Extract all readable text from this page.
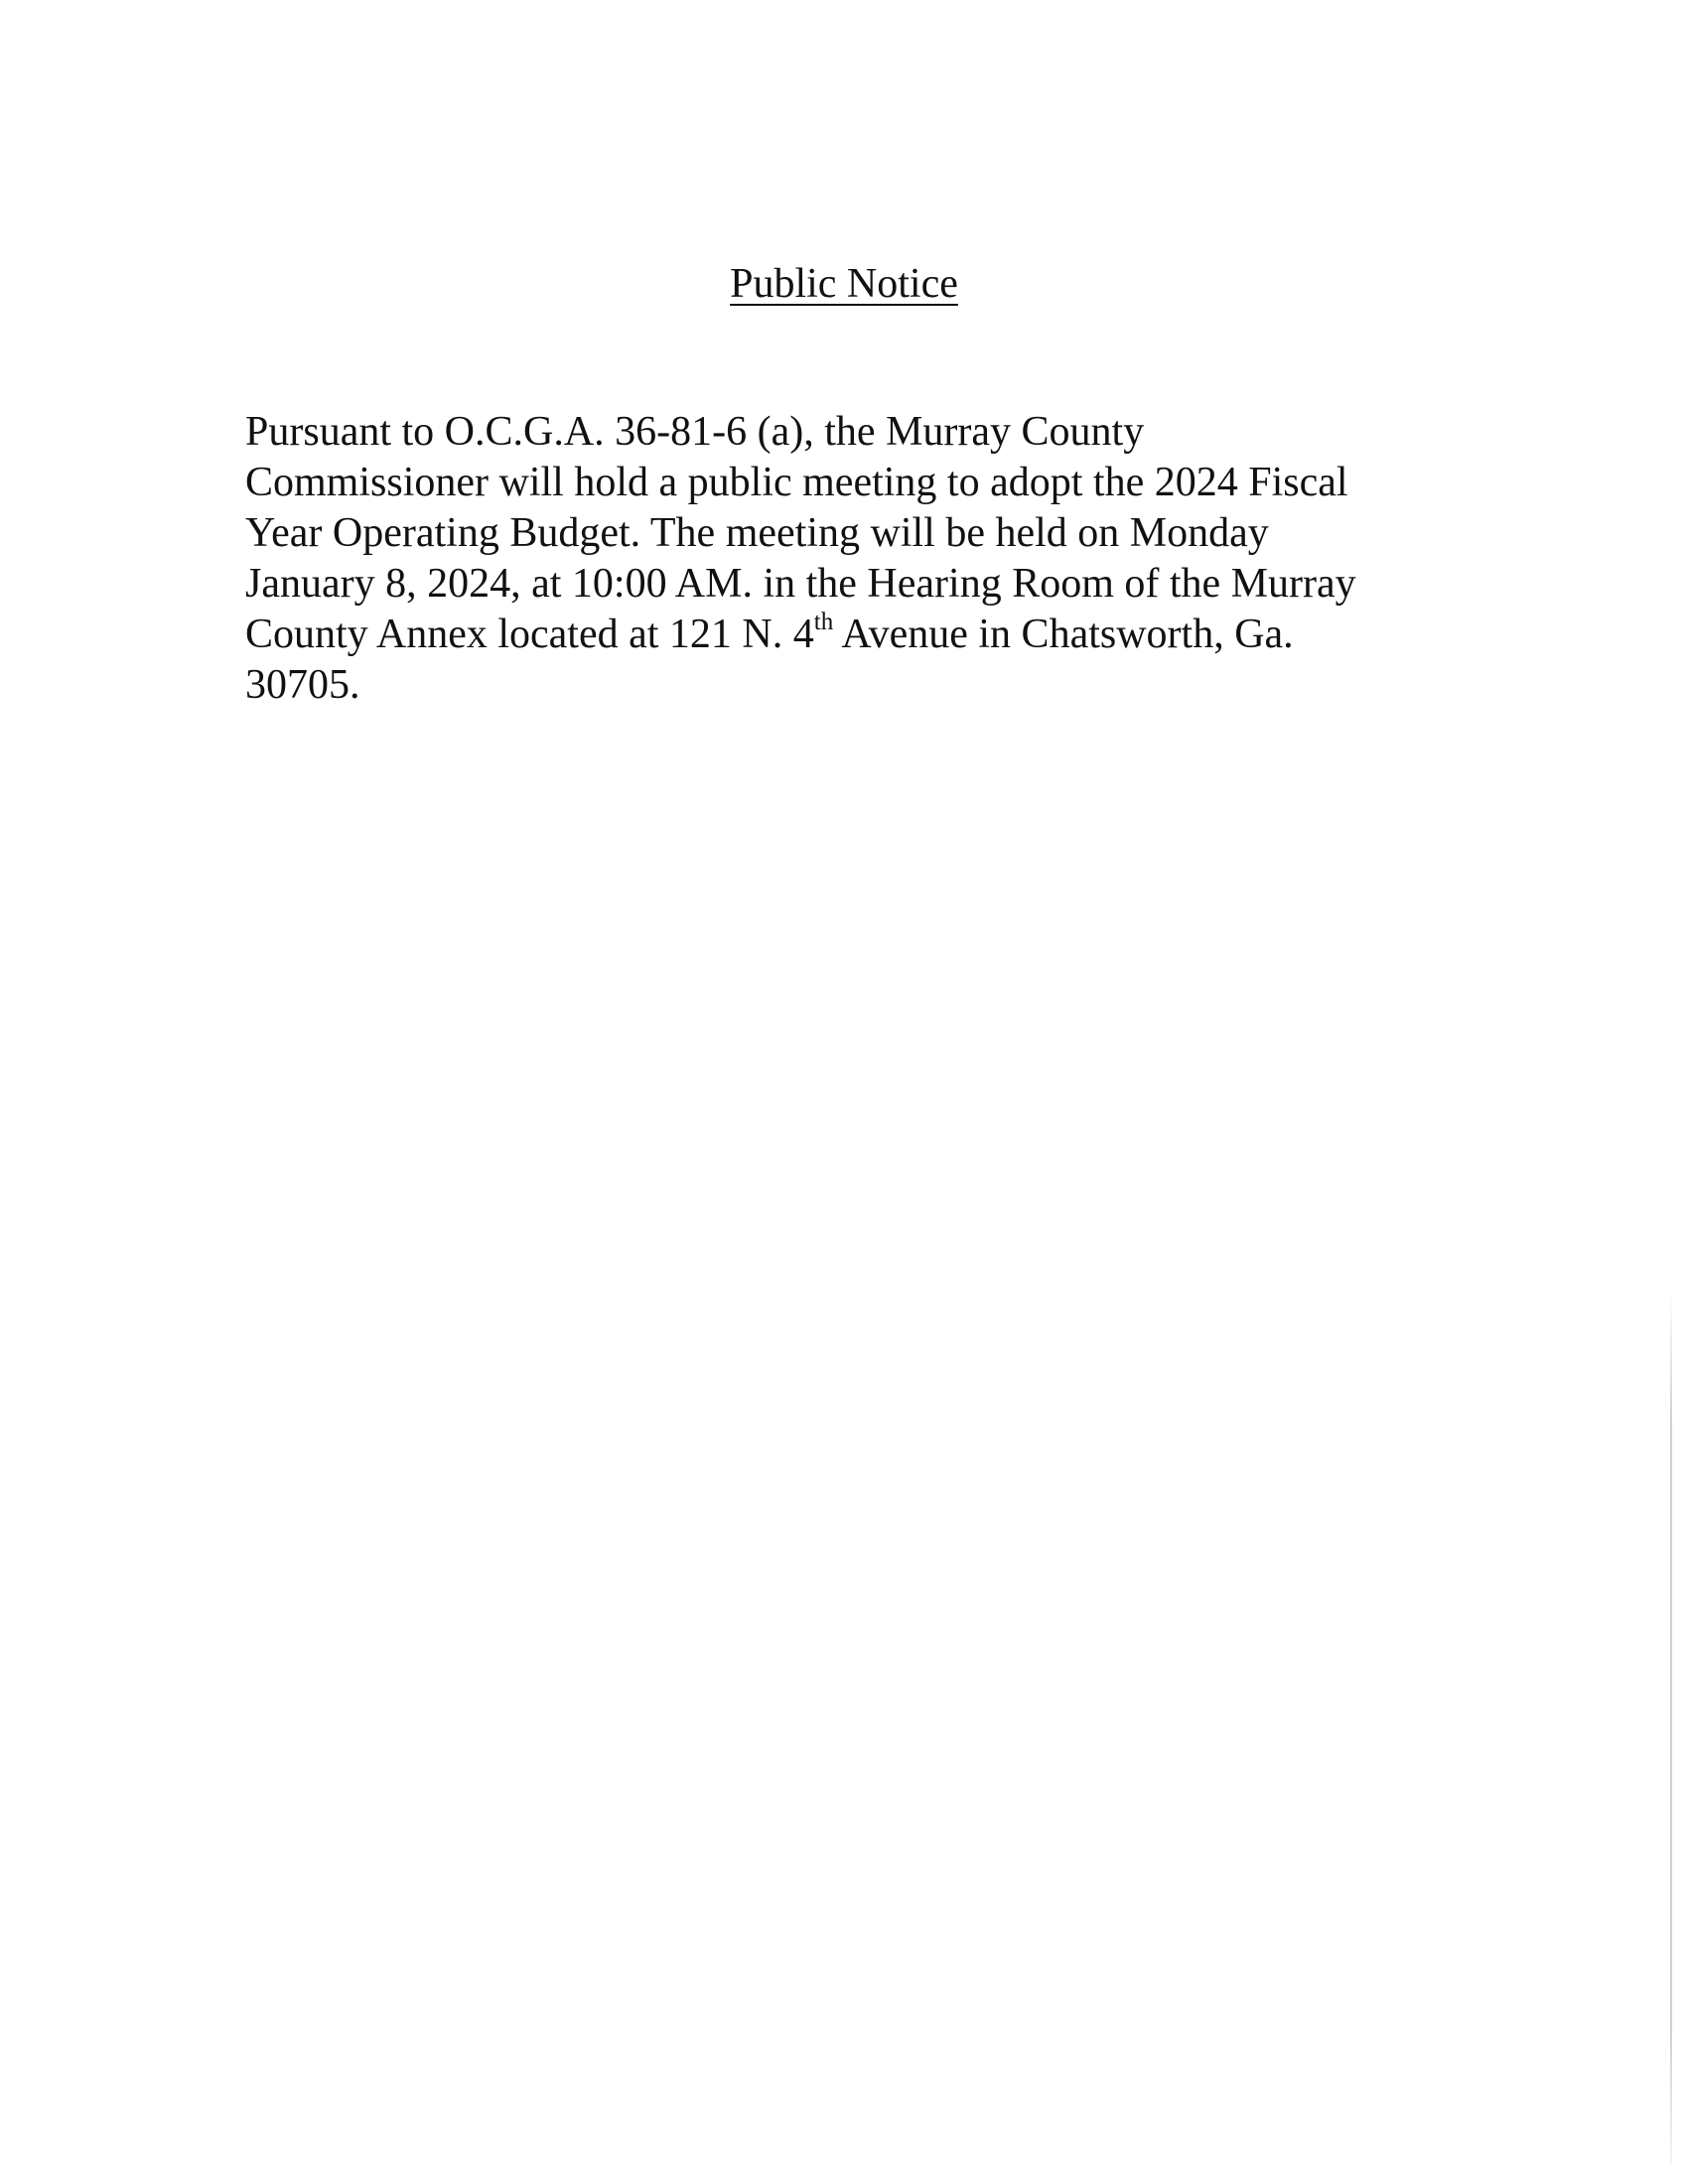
Public Notice

Pursuant to O.C.G.A. 36-81-6 (a), the Murray County
Commissioner will hold a public meeting to adopt the 2024 Fiscal
Year Operating Budget. The meeting will be held on Monday
January 8, 2024, at 10:00 AM. in the Hearing Room of the Murray
County Annex located at 121 N. 4th Avenue in Chatsworth, Ga.
30705.
